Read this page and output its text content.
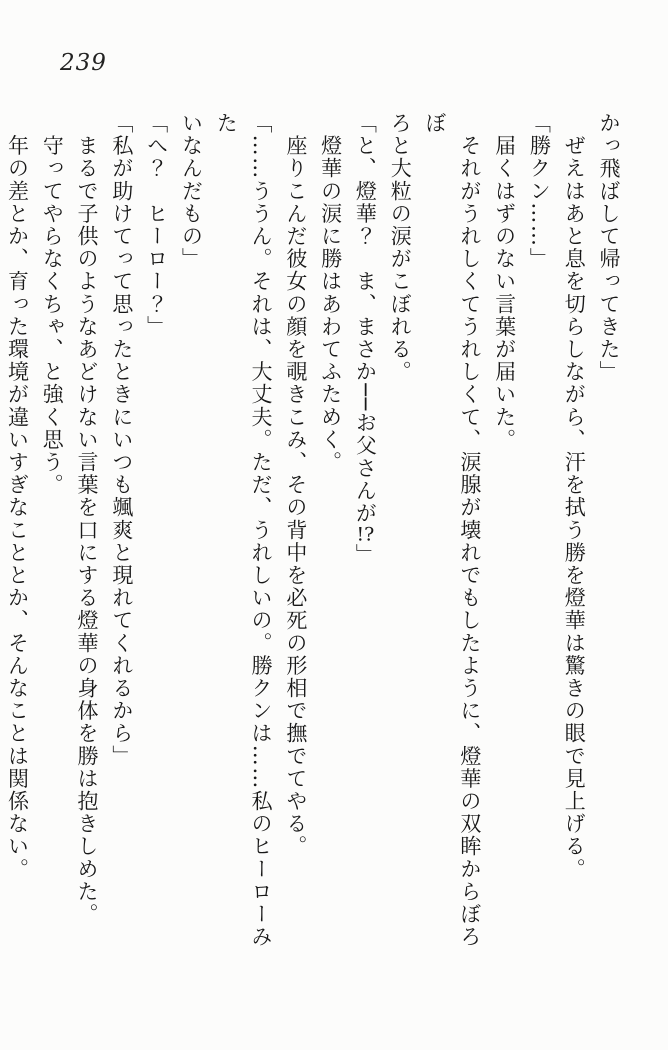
239
かっ飛ばして帰ってきた」
　ぜえはあと息を切らしながら、汗を拭う勝を燈華は驚きの眼で見上げる。
「勝クン……」
　届くはずのない言葉が届いた。
　それがうれしくてうれしくて、涙腺が壊れでもしたように、燈華の双眸からぼろぼ
ろと大粒の涙がこぼれる。
「と、燈華？　ま、まさか──お父さんが!?」
　燈華の涙に勝はあわてふためく。
　座りこんだ彼女の顔を覗きこみ、その背中を必死の形相で撫でてやる。
「……ううん。それは、大丈夫。ただ、うれしいの。勝クンは……私のヒーローみた
いなんだもの」
「へ？　ヒーロー？」
「私が助けてって思ったときにいつも颯爽と現れてくれるから」
　まるで子供のようなあどけない言葉を口にする燈華の身体を勝は抱きしめた。
　守ってやらなくちゃ、と強く思う。
　年の差とか、育った環境が違いすぎなこととか、そんなことは関係ない。
